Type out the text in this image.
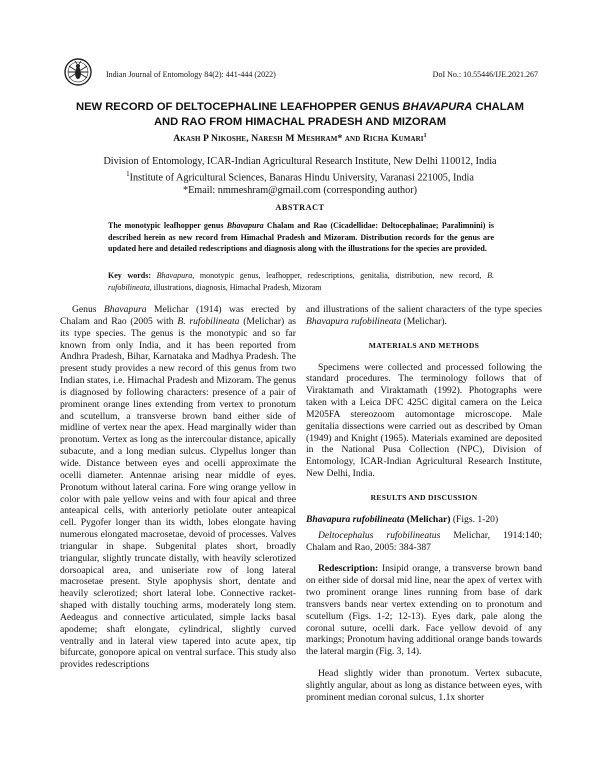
Indian Journal of Entomology 84(2): 441-444 (2022)	DoI No.: 10.55446/IJE.2021.267
NEW RECORD OF DELTOCEPHALINE LEAFHOPPER GENUS BHAVAPURA CHALAM
AND RAO FROM HIMACHAL PRADESH AND MIZORAM
Akash P Nikoshe, Naresh M Meshram* and Richa Kumari$^1$
Division of Entomology, ICAR-Indian Agricultural Research Institute, New Delhi 110012, India
$^1$Institute of Agricultural Sciences, Banaras Hindu University, Varanasi 221005, India
*Email: nmmeshram@gmail.com (corresponding author)
ABSTRACT
The monotypic leafhopper genus Bhavapura Chalam and Rao (Cicadellidae: Deltocephalinae; Paralimnini) is described herein as new record from Himachal Pradesh and Mizoram. Distribution records for the genus are updated here and detailed redescriptions and diagnosis along with the illustrations for the species are provided.
Key words: Bhavapura, monotypic genus, leafhopper, redescriptions, genitalia, distribution, new record, B. rufobilineata, illustrations, diagnosis, Himachal Pradesh, Mizoram

Genus Bhavapura Melichar (1914) was erected by Chalam and Rao (2005 with B. rufobilineata (Melichar) as its type species. The genus is the monotypic and so far known from only India, and it has been reported from Andhra Pradesh, Bihar, Karnataka and Madhya Pradesh. The present study provides a new record of this genus from two Indian states, i.e. Himachal Pradesh and Mizoram. The genus is diagnosed by following characters: presence of a pair of prominent orange lines extending from vertex to pronotum and scutellum, a transverse brown band either side of midline of vertex near the apex. Head marginally wider than pronotum. Vertex as long as the intercoular distance, apically subacute, and a long median sulcus. Clypellus longer than wide. Distance between eyes and ocelli approximate the ocelli diameter. Antennae arising near middle of eyes. Pronotum without lateral carina. Fore wing orange yellow in color with pale yellow veins and with four apical and three anteapical cells, with anteriorly petiolate outer anteapical cell. Pygofer longer than its width, lobes elongate having numerous elongated macrosetae, devoid of processes. Valves triangular in shape. Subgenital plates short, broadly triangular, slightly truncate distally, with heavily sclerotized dorsoapical area, and uniseriate row of long lateral macrosetae present. Style apophysis short, dentate and heavily sclerotized; short lateral lobe. Connective racket-shaped with distally touching arms, moderately long stem. Aedeagus and connective articulated, simple lacks basal apodeme; shaft elongate, cylindrical, slightly curved ventrally and in lateral view tapered into acute apex, tip bifurcate, gonopore apical on ventral surface. This study also provides redescriptions

and illustrations of the salient characters of the type species Bhavapura rufobilineata (Melichar).

MATERIALS AND METHODS

Specimens were collected and processed following the standard procedures. The terminology follows that of Viraktamath and Viraktamath (1992). Photographs were taken with a Leica DFC 425C digital camera on the Leica M205FA stereozoom automontage microscope. Male genitalia dissections were carried out as described by Oman (1949) and Knight (1965). Materials examined are deposited in the National Pusa Collection (NPC), Division of Entomology, ICAR-Indian Agricultural Research Institute, New Delhi, India.

RESULTS AND DISCUSSION

Bhavapura rufobilineata (Melichar) (Figs. 1-20)

Deltocephalus rufobilineatus Melichar, 1914:140; Chalam and Rao, 2005: 384-387

Redescription: Insipid orange, a transverse brown band on either side of dorsal mid line, near the apex of vertex with two prominent orange lines running from base of dark transvers bands near vertex extending on to pronotum and scutellum (Figs. 1-2; 12-13). Eyes dark, pale along the coronal suture, ocelli dark. Face yellow devoid of any markings; Pronotum having additional orange bands towards the lateral margin (Fig. 3, 14).

Head slightly wider than pronotum. Vertex subacute, slightly angular, about as long as distance between eyes, with prominent median coronal sulcus, 1.1x shorter
